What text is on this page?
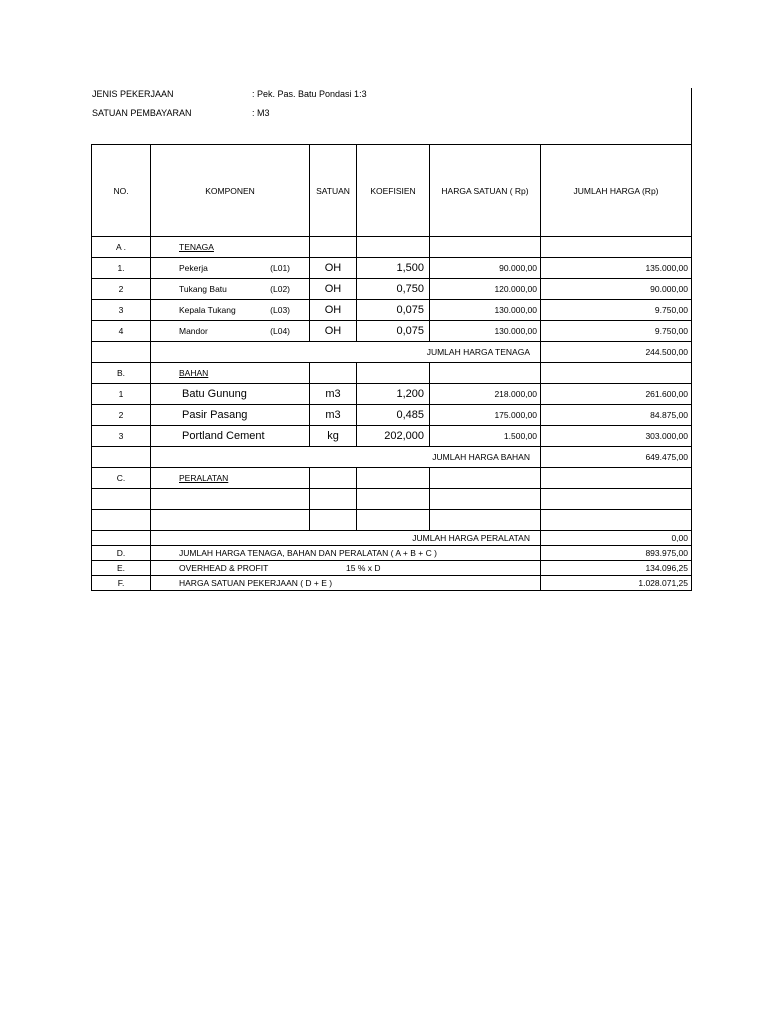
JENIS PEKERJAAN	: Pek. Pas. Batu Pondasi 1:3
SATUAN PEMBAYARAN	: M3
NO.	KOMPONEN	SATUAN	KOEFISIEN	HARGA SATUAN ( Rp)	JUMLAH HARGA (Rp)
A .	TENAGA				
1.	Pekerja (L01)	OH	1,500	90.000,00	135.000,00
2	Tukang Batu (L02)	OH	0,750	120.000,00	90.000,00
3	Kepala Tukang (L03)	OH	0,075	130.000,00	9.750,00
4	Mandor (L04)	OH	0,075	130.000,00	9.750,00
	JUMLAH HARGA TENAGA				244.500,00
B.	BAHAN				
1	Batu Gunung	m3	1,200	218.000,00	261.600,00
2	Pasir Pasang	m3	0,485	175.000,00	84.875,00
3	Portland Cement	kg	202,000	1.500,00	303.000,00
	JUMLAH HARGA BAHAN				649.475,00
C.	PERALATAN				

	JUMLAH HARGA PERALATAN				0,00
D.	JUMLAH HARGA TENAGA, BAHAN DAN PERALATAN ( A + B + C )				893.975,00
E.	OVERHEAD & PROFIT 15 % x D				134.096,25
F.	HARGA SATUAN PEKERJAAN ( D + E )				1.028.071,25
